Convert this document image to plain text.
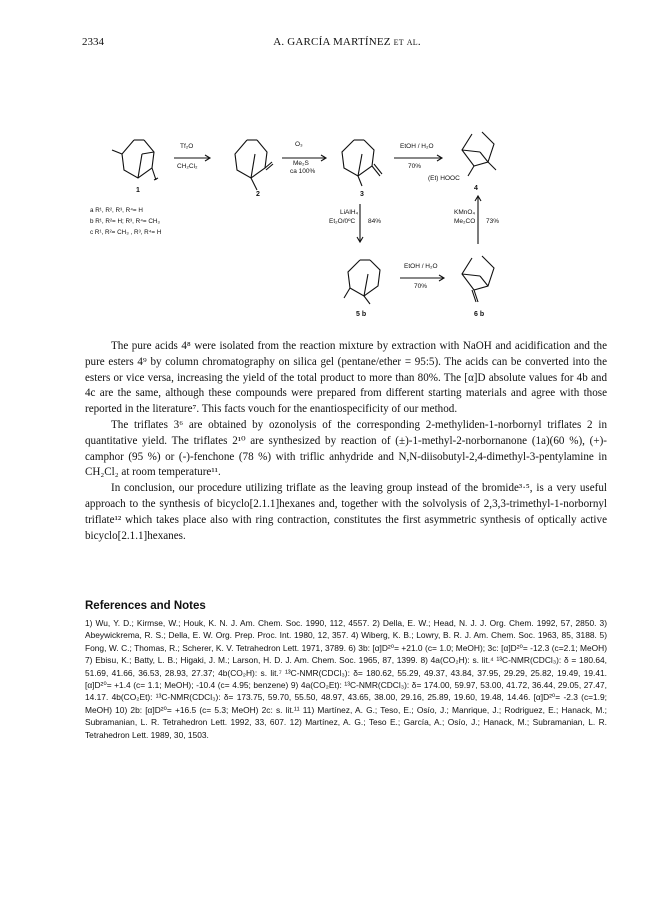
2334	A. GARCÍA MARTÍNEZ et al.
Tf₂O
CH₂Cl₂
O₃
Me₂S
ca 100%
EtOH / H₂O
70%
LiAlH₄
Et₂O/0ºC 84%
KMnO₄
Me₂CO 73%
EtOH / H₂O
70%
(Et) HOOC
1
2	3
4
5 b	6 b
a R¹, R², R³, R⁴= H
b R¹, R²= H; R³, R⁴= CH₃
c R¹, R²= CH₃ , R³, R⁴= H

The pure acids 4⁸ were isolated from the reaction mixture by extraction with NaOH and acidification and the pure esters 4⁹ by column chromatography on silica gel (pentane/ether = 95:5). The acids can be converted into the esters or vice versa, increasing the yield of the total product to more than 80%. The [α]D absolute values for 4b and 4c are the same, although these compounds were prepared from different starting materials and agree with those reported in the literature⁷. This facts vouch for the enantiospecificity of our method.

The triflates 3⁶ are obtained by ozonolysis of the corresponding 2-methyliden-1-norbornyl triflates 2 in quantitative yield. The triflates 2¹⁰ are synthesized by reaction of (±)-1-methyl-2-norbornanone (1a)(60 %), (+)-camphor (95 %) or (-)-fenchone (78 %) with triflic anhydride and N,N-diisobutyl-2,4-dimethyl-3-pentylamine in CH₂Cl₂ at room temperature¹¹.

In conclusion, our procedure utilizing triflate as the leaving group instead of the bromide³·⁵, is a very useful approach to the synthesis of bicyclo[2.1.1]hexanes and, together with the solvolysis of 2,3,3-trimethyl-1-norbornyl triflate¹² which takes place also with ring contraction, constitutes the first asymmetric synthesis of optically active bicyclo[2.1.1]hexanes.

References and Notes
1) Wu, Y. D.; Kirmse, W.; Houk, K. N. J. Am. Chem. Soc. 1990, 112, 4557. 2) Della, E. W.; Head, N. J. J. Org. Chem. 1992, 57, 2850. 3) Abeywickrema, R. S.; Della, E. W. Org. Prep. Proc. Int. 1980, 12, 357. 4) Wiberg, K. B.; Lowry, B. R. J. Am. Chem. Soc. 1963, 85, 3188. 5) Fong, W. C.; Thomas, R.; Scherer, K. V. Tetrahedron Lett. 1971, 3789. 6) 3b: [α]D²⁰= +21.0 (c= 1.0; MeOH); 3c: [α]D²⁰= -12.3 (c=2.1; MeOH) 7) Ebisu, K.; Batty, L. B.; Higaki, J. M.; Larson, H. D. J. Am. Chem. Soc. 1965, 87, 1399. 8) 4a(CO₂H): s. lit.⁴ ¹³C-NMR(CDCl₃): δ = 180.64, 51.69, 41.66, 36.53, 28.93, 27.37; 4b(CO₂H): s. lit.⁷ ¹³C-NMR(CDCl₃): δ= 180.62, 55.29, 49.37, 43.84, 37.95, 29.29, 25.82, 19.49, 19.41. [α]D²⁰= +1.4 (c= 1.1; MeOH); -10.4 (c= 4.95; benzene) 9) 4a(CO₂Et): ¹³C-NMR(CDCl₃): δ= 174.00, 59.97, 53.00, 41.72, 36.44, 29.05, 27.47, 14.17. 4b(CO₂Et): ¹³C-NMR(CDCl₃): δ= 173.75, 59.70, 55.50, 48.97, 43.65, 38.00, 29.16, 25.89, 19.60, 19.48, 14.46. [α]D²⁰= -2.3 (c=1.9; MeOH) 10) 2b: [α]D²⁰= +16.5 (c= 5.3; MeOH) 2c: s. lit.¹¹ 11) Martínez, A. G.; Teso, E.; Osío, J.; Manrique, J.; Rodriguez, E.; Hanack, M.; Subramanian, L. R. Tetrahedron Lett. 1992, 33, 607. 12) Martínez, A. G.; Teso E.; García, A.; Osío, J.; Hanack, M.; Subramanian, L. R. Tetrahedron Lett. 1989, 30, 1503.
